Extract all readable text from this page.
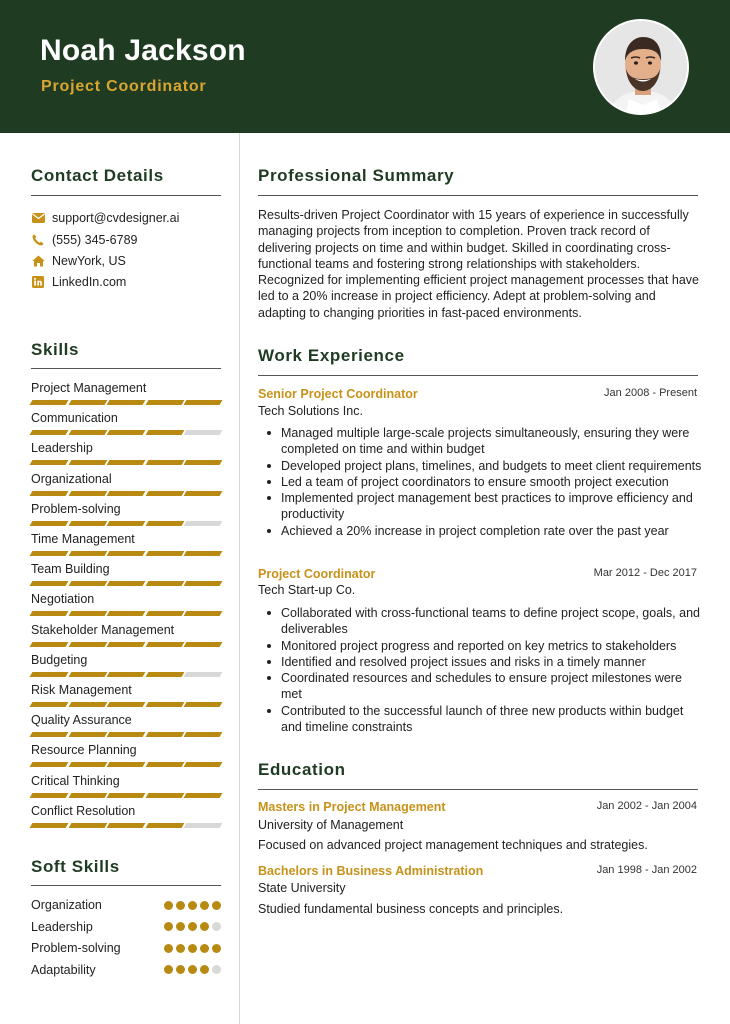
Noah Jackson
Project Coordinator
Contact Details
support@cvdesigner.ai
(555) 345-6789
NewYork, US
LinkedIn.com
Skills
Project Management
Communication
Leadership
Organizational
Problem-solving
Time Management
Team Building
Negotiation
Stakeholder Management
Budgeting
Risk Management
Quality Assurance
Resource Planning
Critical Thinking
Conflict Resolution
Soft Skills
Organization
Leadership
Problem-solving
Adaptability
Professional Summary
Results-driven Project Coordinator with 15 years of experience in successfully managing projects from inception to completion. Proven track record of delivering projects on time and within budget. Skilled in coordinating cross-functional teams and fostering strong relationships with stakeholders. Recognized for implementing efficient project management processes that have led to a 20% increase in project efficiency. Adept at problem-solving and adapting to changing priorities in fast-paced environments.
Work Experience
Senior Project Coordinator	Jan 2008 - Present
Tech Solutions Inc.
Managed multiple large-scale projects simultaneously, ensuring they were completed on time and within budget
Developed project plans, timelines, and budgets to meet client requirements
Led a team of project coordinators to ensure smooth project execution
Implemented project management best practices to improve efficiency and productivity
Achieved a 20% increase in project completion rate over the past year
Project Coordinator	Mar 2012 - Dec 2017
Tech Start-up Co.
Collaborated with cross-functional teams to define project scope, goals, and deliverables
Monitored project progress and reported on key metrics to stakeholders
Identified and resolved project issues and risks in a timely manner
Coordinated resources and schedules to ensure project milestones were met
Contributed to the successful launch of three new products within budget and timeline constraints
Education
Masters in Project Management	Jan 2002 - Jan 2004
University of Management
Focused on advanced project management techniques and strategies.
Bachelors in Business Administration	Jan 1998 - Jan 2002
State University
Studied fundamental business concepts and principles.
